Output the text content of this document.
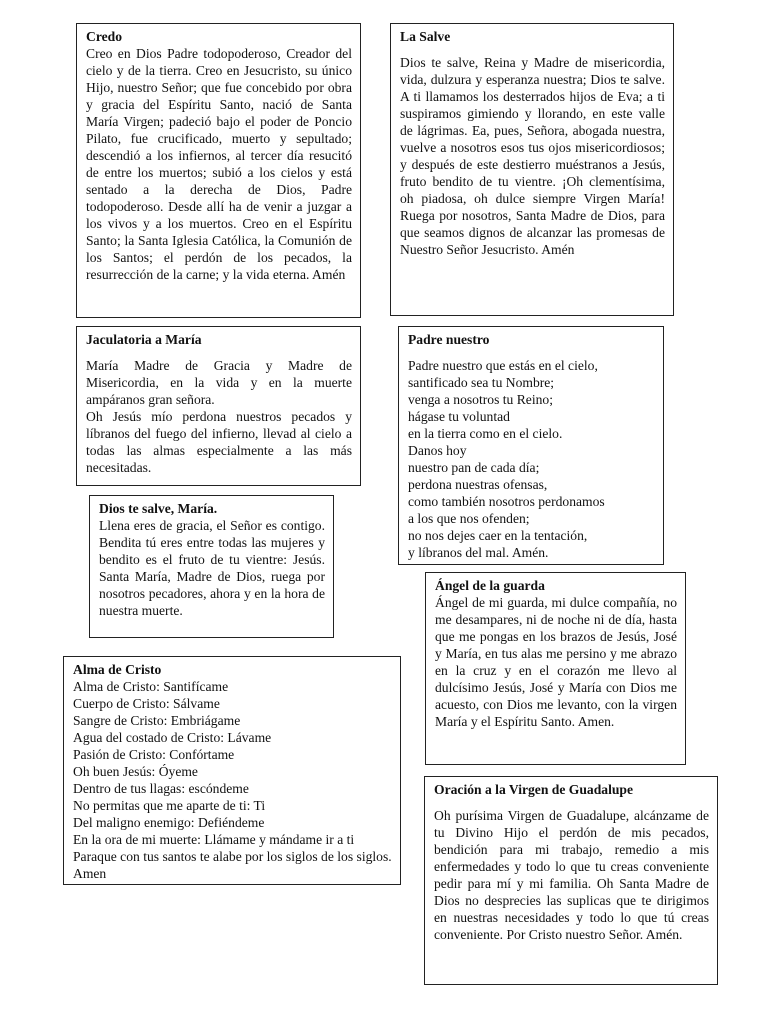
Credo

Creo en Dios Padre todopoderoso, Creador del cielo y de la tierra. Creo en Jesucristo, su único Hijo, nuestro Señor; que fue concebido por obra y gracia del Espíritu Santo, nació de Santa María Virgen; padeció bajo el poder de Poncio Pilato, fue crucificado, muerto y sepultado; descendió a los infiernos, al tercer día resucitó de entre los muertos; subió a los cielos y está sentado a la derecha de Dios, Padre todopoderoso. Desde allí ha de venir a juzgar a los vivos y a los muertos. Creo en el Espíritu Santo; la Santa Iglesia Católica, la Comunión de los Santos; el perdón de los pecados, la resurrección de la carne; y la vida eterna. Amén

La Salve

Dios te salve, Reina y Madre de misericordia, vida, dulzura y esperanza nuestra; Dios te salve. A ti llamamos los desterrados hijos de Eva; a ti suspiramos gimiendo y llorando, en este valle de lágrimas. Ea, pues, Señora, abogada nuestra, vuelve a nosotros esos tus ojos misericordiosos; y después de este destierro muéstranos a Jesús, fruto bendito de tu vientre. ¡Oh clementísima, oh piadosa, oh dulce siempre Virgen María! Ruega por nosotros, Santa Madre de Dios, para que seamos dignos de alcanzar las promesas de Nuestro Señor Jesucristo. Amén

Jaculatoria a María

María Madre de Gracia y Madre de Misericordia, en la vida y en la muerte ampáranos gran señora.

Oh Jesús mío perdona nuestros pecados y líbranos del fuego del infierno, llevad al cielo a todas las almas especialmente a las más necesitadas.

Padre nuestro
Padre nuestro que estás en el cielo,
santificado sea tu Nombre;
venga a nosotros tu Reino;
hágase tu voluntad
en la tierra como en el cielo.
Danos hoy
nuestro pan de cada día;
perdona nuestras ofensas,
como también nosotros perdonamos
a los que nos ofenden;
no nos dejes caer en la tentación,
y líbranos del mal. Amén.
Dios te salve, María.

Llena eres de gracia, el Señor es contigo. Bendita tú eres entre todas las mujeres y bendito es el fruto de tu vientre: Jesús. Santa María, Madre de Dios, ruega por nosotros pecadores, ahora y en la hora de nuestra muerte.

Ángel de la guarda

Ángel de mi guarda, mi dulce compañía, no me desampares, ni de noche ni de día, hasta que me pongas en los brazos de Jesús, José y María, en tus alas me persino y me abrazo en la cruz y en el corazón me llevo al dulcísimo Jesús, José y María con Dios me acuesto, con Dios me levanto, con la virgen María y el Espíritu Santo. Amen.

Alma de Cristo
Alma de Cristo: Santifícame
Cuerpo de Cristo: Sálvame
Sangre de Cristo: Embriágame
Agua del costado de Cristo: Lávame
Pasión de Cristo: Confórtame
Oh buen Jesús: Óyeme
Dentro de tus llagas: escóndeme
No permitas que me aparte de ti: Ti
Del maligno enemigo: Defiéndeme
En la ora de mi muerte: Llámame y mándame ir a ti

Paraque con tus santos te alabe por los siglos de los siglos. Amen

Oración a la Virgen de Guadalupe

Oh purísima Virgen de Guadalupe, alcánzame de tu Divino Hijo el perdón de mis pecados, bendición para mi trabajo, remedio a mis enfermedades y todo lo que tu creas conveniente pedir para mí y mi familia. Oh Santa Madre de Dios no desprecies las suplicas que te dirigimos en nuestras necesidades y todo lo que tú creas conveniente. Por Cristo nuestro Señor. Amén.
